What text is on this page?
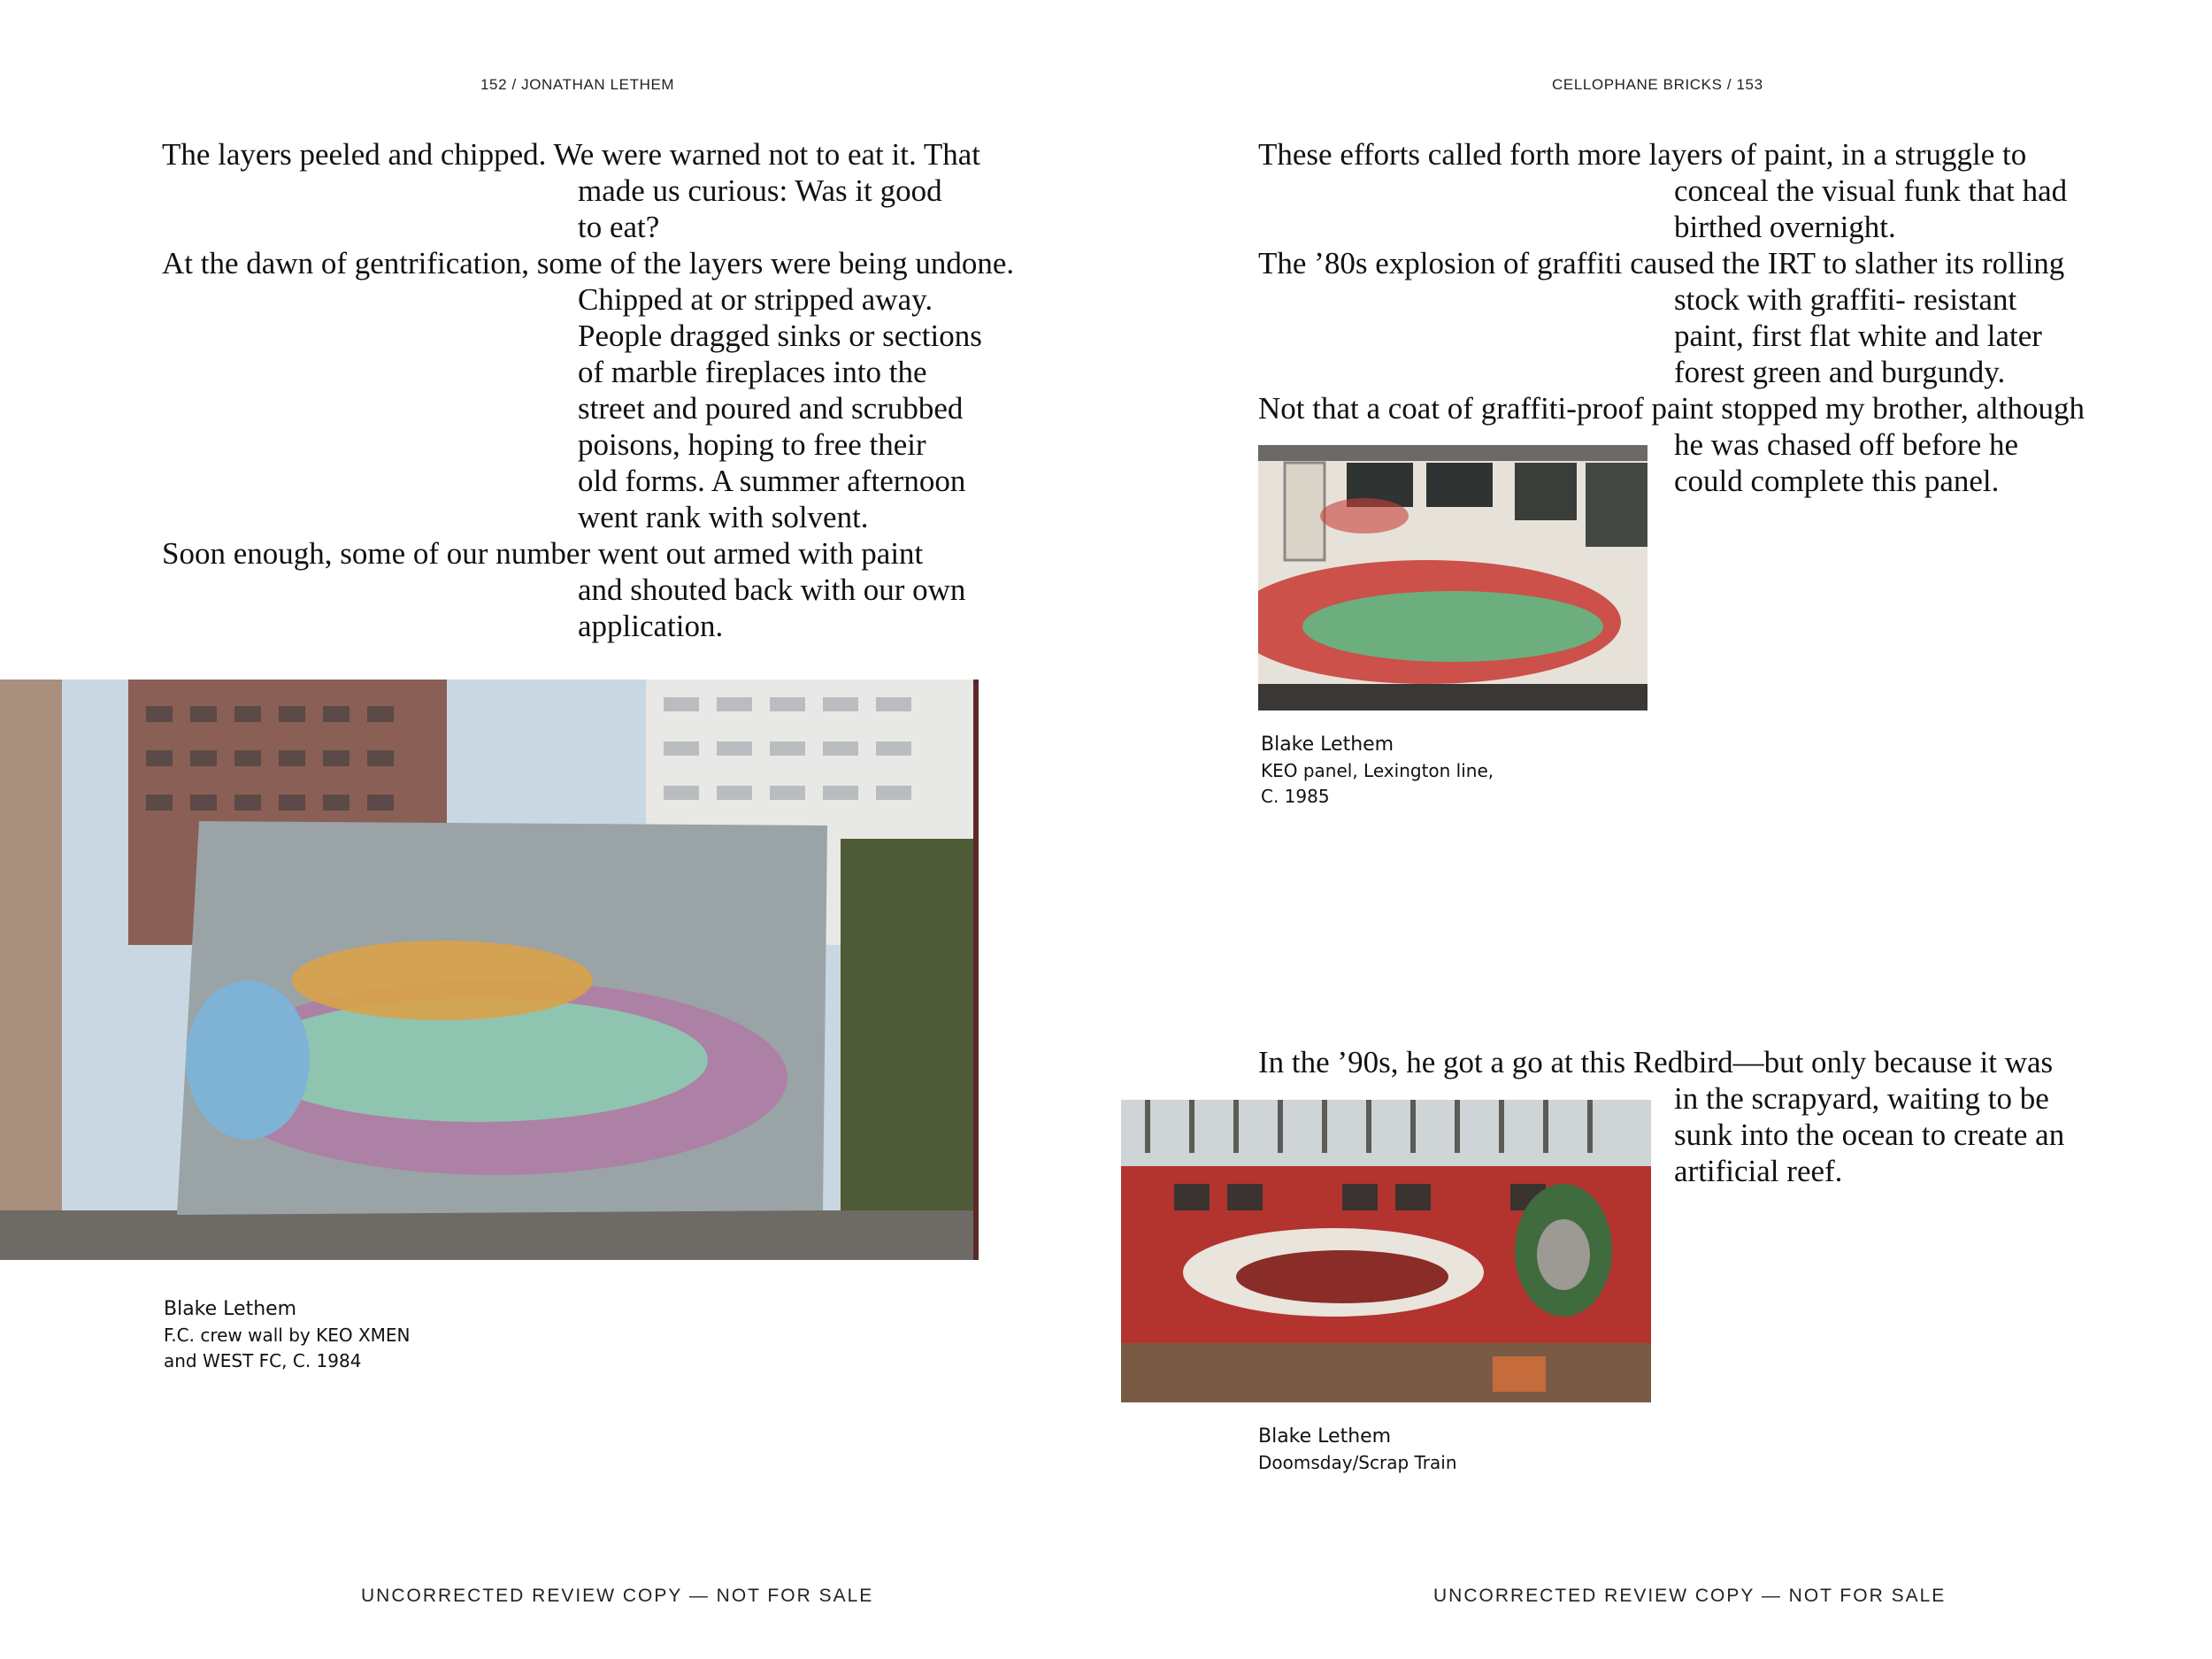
152 / JONATHAN LETHEM

The layers peeled and chipped. We were warned not to eat it. That
made us curious: Was it good
to eat?

At the dawn of gentrification, some of the layers were being undone.
Chipped at or stripped away.
People dragged sinks or sections
of marble fireplaces into the
street and poured and scrubbed
poisons, hoping to free their
old forms. A summer afternoon
went rank with solvent.

Soon enough, some of our number went out armed with paint
and shouted back with our own
application.

Blake Lethem
F.C. crew wall by KEO XMEN
and WEST FC, C. 1984
UNCORRECTED REVIEW COPY — NOT FOR SALE
CELLOPHANE BRICKS / 153

These efforts called forth more layers of paint, in a struggle to
conceal the visual funk that had
birthed overnight.

The ’80s explosion of graffiti caused the IRT to slather its rolling
stock with graffiti- resistant
paint, first flat white and later
forest green and burgundy.

Not that a coat of graffiti-proof paint stopped my brother, although
he was chased off before he
could complete this panel.

Blake Lethem
KEO panel, Lexington line,
C. 1985

In the ’90s, he got a go at this Redbird—but only because it was
in the scrapyard, waiting to be
sunk into the ocean to create an
artificial reef.

Blake Lethem
Doomsday/Scrap Train
UNCORRECTED REVIEW COPY — NOT FOR SALE
